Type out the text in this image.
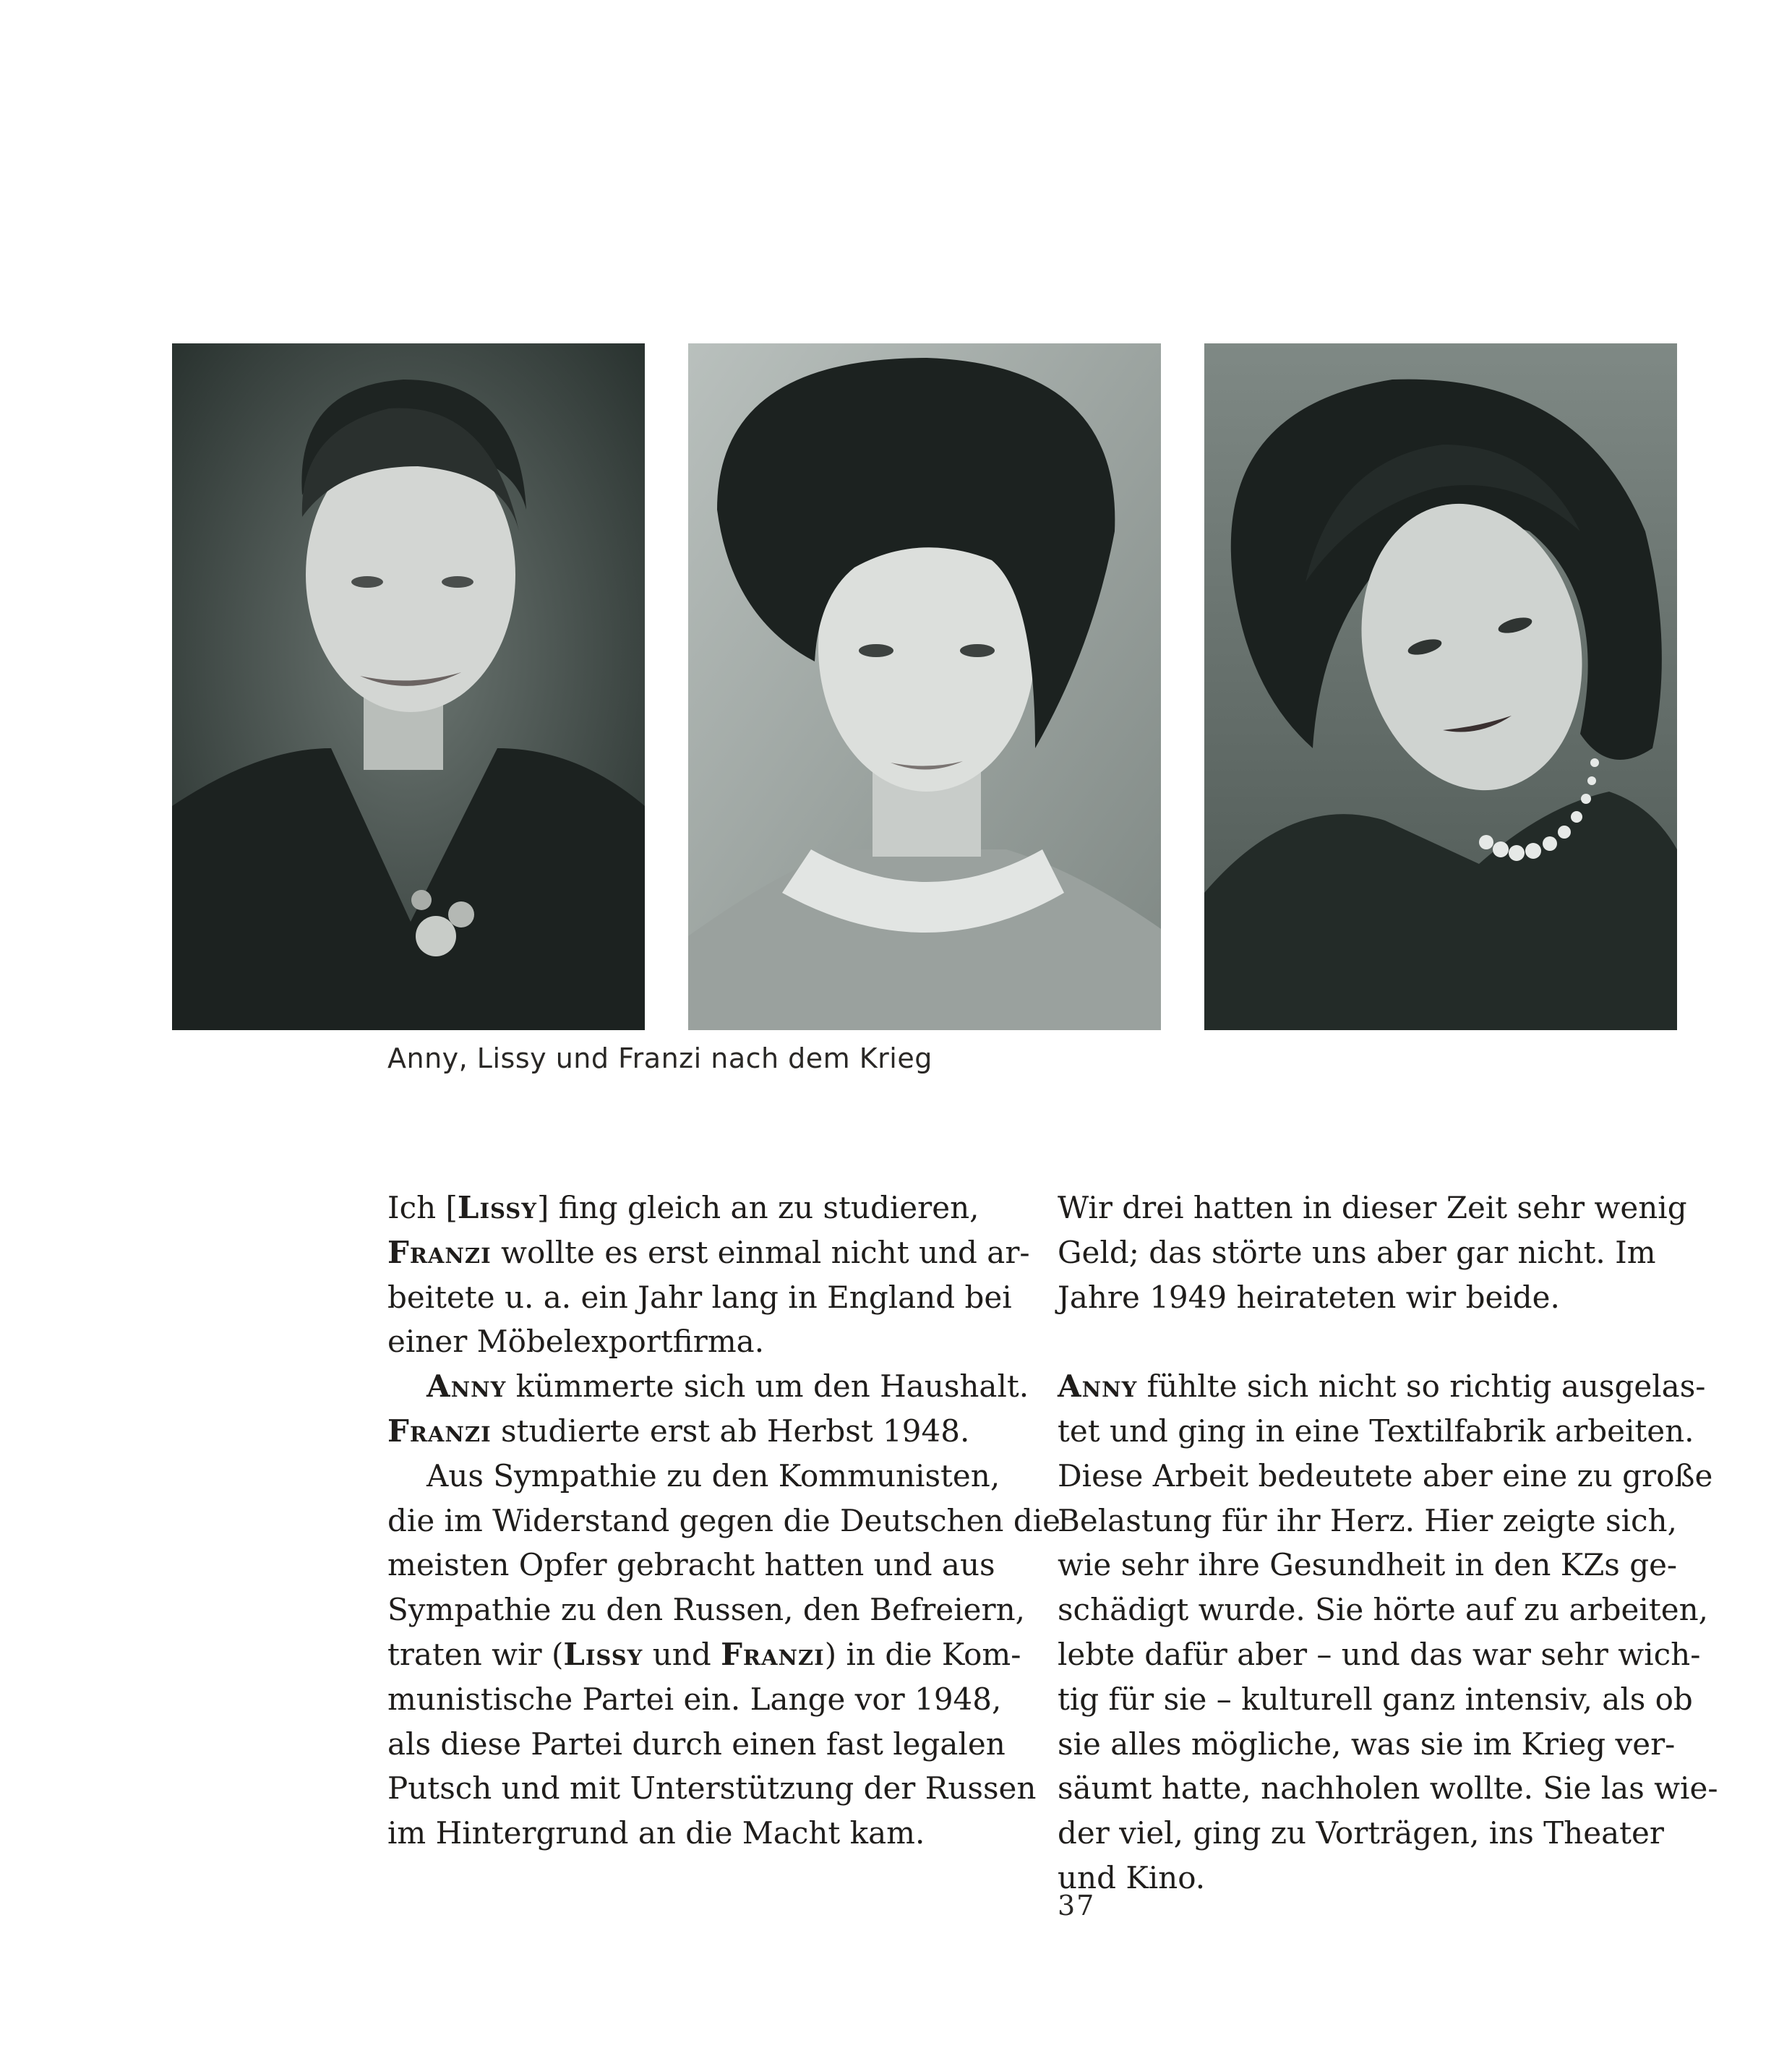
Anny, Lissy und Franzi nach dem Krieg
Ich [Lissy] fing gleich an zu studieren,
Franzi wollte es erst einmal nicht und ar-
beitete u. a. ein Jahr lang in England bei
einer Möbelexportfirma.
Anny kümmerte sich um den Haushalt.
Franzi studierte erst ab Herbst 1948.
Aus Sympathie zu den Kommunisten,
die im Widerstand gegen die Deutschen die
meisten Opfer gebracht hatten und aus
Sympathie zu den Russen, den Befreiern,
traten wir (Lissy und Franzi) in die Kom-
munistische Partei ein. Lange vor 1948,
als diese Partei durch einen fast legalen
Putsch und mit Unterstützung der Russen
im Hintergrund an die Macht kam.
Wir drei hatten in dieser Zeit sehr wenig
Geld; das störte uns aber gar nicht. Im
Jahre 1949 heirateten wir beide.
Anny fühlte sich nicht so richtig ausgelas-
tet und ging in eine Textilfabrik arbeiten.
Diese Arbeit bedeutete aber eine zu große
Belastung für ihr Herz. Hier zeigte sich,
wie sehr ihre Gesundheit in den KZs ge-
schädigt wurde. Sie hörte auf zu arbeiten,
lebte dafür aber – und das war sehr wich-
tig für sie – kulturell ganz intensiv, als ob
sie alles mögliche, was sie im Krieg ver-
säumt hatte, nachholen wollte. Sie las wie-
der viel, ging zu Vorträgen, ins Theater
und Kino.
37
